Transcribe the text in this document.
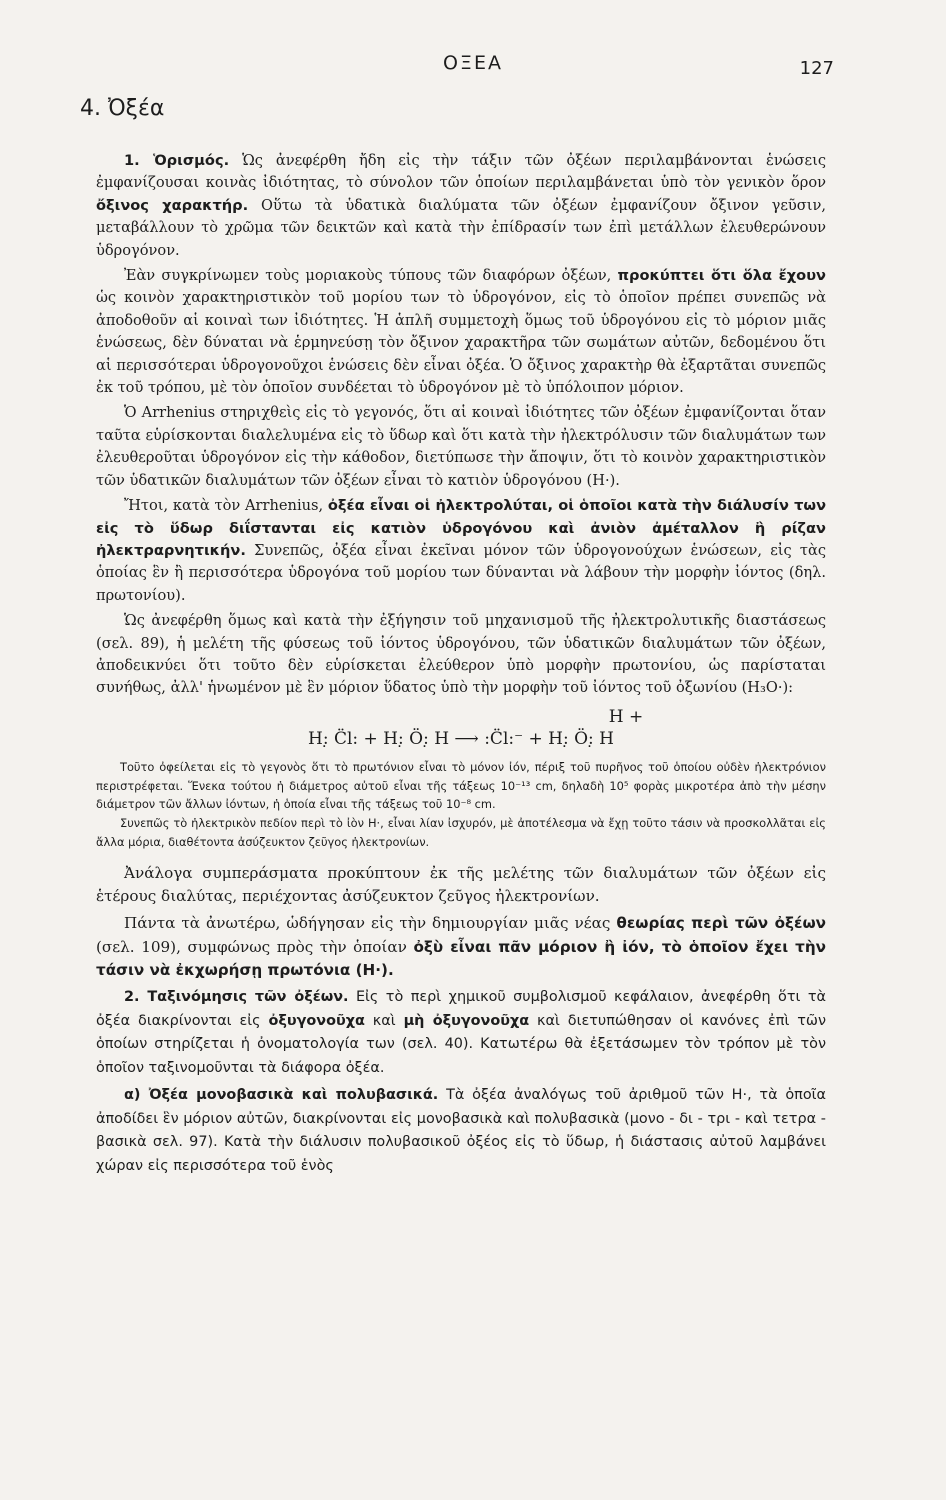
ΟΞΕΑ	127
4. Ὀξέα

1. Ὁρισμός. Ὡς ἀνεφέρθη ἤδη εἰς τὴν τάξιν τῶν ὀξέων περιλαμβάνονται ἑνώσεις ἐμφανίζουσαι κοινὰς ἰδιότητας, τὸ σύνολον τῶν ὁποίων περιλαμβάνεται ὑπὸ τὸν γενικὸν ὅρον ὄξινος χαρακτήρ. Οὕτω τὰ ὑδατικὰ διαλύματα τῶν ὀξέων ἐμφανίζουν ὄξινον γεῦσιν, μεταβάλλουν τὸ χρῶμα τῶν δεικτῶν καὶ κατὰ τὴν ἐπίδρασίν των ἐπὶ μετάλλων ἐλευθερώνουν ὑδρογόνον.

Ἐὰν συγκρίνωμεν τοὺς μοριακοὺς τύπους τῶν διαφόρων ὀξέων, προκύπτει ὅτι ὅλα ἔχουν ὡς κοινὸν χαρακτηριστικὸν τοῦ μορίου των τὸ ὑδρογόνον, εἰς τὸ ὁποῖον πρέπει συνεπῶς νὰ ἀποδοθοῦν αἱ κοιναὶ των ἰδιότητες. Ἡ ἁπλῆ συμμετοχὴ ὅμως τοῦ ὑδρογόνου εἰς τὸ μόριον μιᾶς ἑνώσεως, δὲν δύναται νὰ ἑρμηνεύσῃ τὸν ὄξινον χαρακτῆρα τῶν σωμάτων αὐτῶν, δεδομένου ὅτι αἱ περισσότεραι ὑδρογονοῦχοι ἑνώσεις δὲν εἶναι ὀξέα. Ὁ ὄξινος χαρακτὴρ θὰ ἐξαρτᾶται συνεπῶς ἐκ τοῦ τρόπου, μὲ τὸν ὁποῖον συνδέεται τὸ ὑδρογόνον μὲ τὸ ὑπόλοιπον μόριον.

Ὁ Arrhenius στηριχθεὶς εἰς τὸ γεγονός, ὅτι αἱ κοιναὶ ἰδιότητες τῶν ὀξέων ἐμφανίζονται ὅταν ταῦτα εὑρίσκονται διαλελυμένα εἰς τὸ ὕδωρ καὶ ὅτι κατὰ τὴν ἠλεκτρόλυσιν τῶν διαλυμάτων των ἐλευθεροῦται ὑδρογόνον εἰς τὴν κάθοδον, διετύπωσε τὴν ἄποψιν, ὅτι τὸ κοινὸν χαρακτηριστικὸν τῶν ὑδατικῶν διαλυμάτων τῶν ὀξέων εἶναι τὸ κατιὸν ὑδρογόνου (H·).

Ἤτοι, κατὰ τὸν Arrhenius, ὀξέα εἶναι οἱ ἠλεκτρολύται, οἱ ὁποῖοι κατὰ τὴν διάλυσίν των εἰς τὸ ὕδωρ διΐστανται εἰς κατιὸν ὑδρογόνου καὶ ἀνιὸν ἀμέταλλον ἢ ρίζαν ἠλεκτραρνητικήν. Συνεπῶς, ὀξέα εἶναι ἐκεῖναι μόνον τῶν ὑδρογονούχων ἑνώσεων, εἰς τὰς ὁποίας ἓν ἢ περισσότερα ὑδρογόνα τοῦ μορίου των δύνανται νὰ λάβουν τὴν μορφὴν ἰόντος (δηλ. πρωτονίου).

Ὡς ἀνεφέρθη ὅμως καὶ κατὰ τὴν ἐξήγησιν τοῦ μηχανισμοῦ τῆς ἠλεκτρολυτικῆς διαστάσεως (σελ. 89), ἡ μελέτη τῆς φύσεως τοῦ ἰόντος ὑδρογόνου, τῶν ὑδατικῶν διαλυμάτων τῶν ὀξέων, ἀποδεικνύει ὅτι τοῦτο δὲν εὑρίσκεται ἐλεύθερον ὑπὸ μορφὴν πρωτονίου, ὡς παρίσταται συνήθως, ἀλλ' ἡνωμένον μὲ ἓν μόριον ὕδατος ὑπὸ τὴν μορφὴν τοῦ ἰόντος τοῦ ὀξωνίου (H₃O·):

H +
H:̣ C̈l: + H:̣ Ö:̣ H ⟶ :C̈l:⁻ + H:̣ Ö:̣ H

Τοῦτο ὀφείλεται εἰς τὸ γεγονὸς ὅτι τὸ πρωτόνιον εἶναι τὸ μόνον ἰόν, πέριξ τοῦ πυρῆνος τοῦ ὁποίου οὐδὲν ἠλεκτρόνιον περιστρέφεται. Ἕνεκα τούτου ἡ διάμετρος αὐτοῦ εἶναι τῆς τάξεως 10⁻¹³ cm, δηλαδὴ 10⁵ φορὰς μικροτέρα ἀπὸ τὴν μέσην διάμετρον τῶν ἄλλων ἰόντων, ἡ ὁποία εἶναι τῆς τάξεως τοῦ 10⁻⁸ cm.

Συνεπῶς τὸ ἠλεκτρικὸν πεδίον περὶ τὸ ἰὸν H·, εἶναι λίαν ἰσχυρόν, μὲ ἀποτέλεσμα νὰ ἔχῃ τοῦτο τάσιν νὰ προσκολλᾶται εἰς ἄλλα μόρια, διαθέτοντα ἀσύζευκτον ζεῦγος ἠλεκτρονίων.

Ἀνάλογα συμπεράσματα προκύπτουν ἐκ τῆς μελέτης τῶν διαλυμάτων τῶν ὀξέων εἰς ἑτέρους διαλύτας, περιέχοντας ἀσύζευκτον ζεῦγος ἠλεκτρονίων.

Πάντα τὰ ἀνωτέρω, ὡδήγησαν εἰς τὴν δημιουργίαν μιᾶς νέας θεωρίας περὶ τῶν ὀξέων (σελ. 109), συμφώνως πρὸς τὴν ὁποίαν ὀξὺ εἶναι πᾶν μόριον ἢ ἰόν, τὸ ὁποῖον ἔχει τὴν τάσιν νὰ ἐκχωρήσῃ πρωτόνια (H·).

2. Ταξινόμησις τῶν ὀξέων. Εἰς τὸ περὶ χημικοῦ συμβολισμοῦ κεφάλαιον, ἀνεφέρθη ὅτι τὰ ὀξέα διακρίνονται εἰς ὀξυγονοῦχα καὶ μὴ ὀξυγονοῦχα καὶ διετυπώθησαν οἱ κανόνες ἐπὶ τῶν ὁποίων στηρίζεται ἡ ὀνοματολογία των (σελ. 40). Κατωτέρω θὰ ἐξετάσωμεν τὸν τρόπον μὲ τὸν ὁποῖον ταξινομοῦνται τὰ διάφορα ὀξέα.

α) Ὀξέα μονοβασικὰ καὶ πολυβασικά. Τὰ ὀξέα ἀναλόγως τοῦ ἀριθμοῦ τῶν H·, τὰ ὁποῖα ἀποδίδει ἓν μόριον αὐτῶν, διακρίνονται εἰς μονοβασικὰ καὶ πολυβασικὰ (μονο - δι - τρι - καὶ τετρα - βασικὰ σελ. 97). Κατὰ τὴν διάλυσιν πολυβασικοῦ ὀξέος εἰς τὸ ὕδωρ, ἡ διάστασις αὐτοῦ λαμβάνει χώραν εἰς περισσότερα τοῦ ἑνὸς
